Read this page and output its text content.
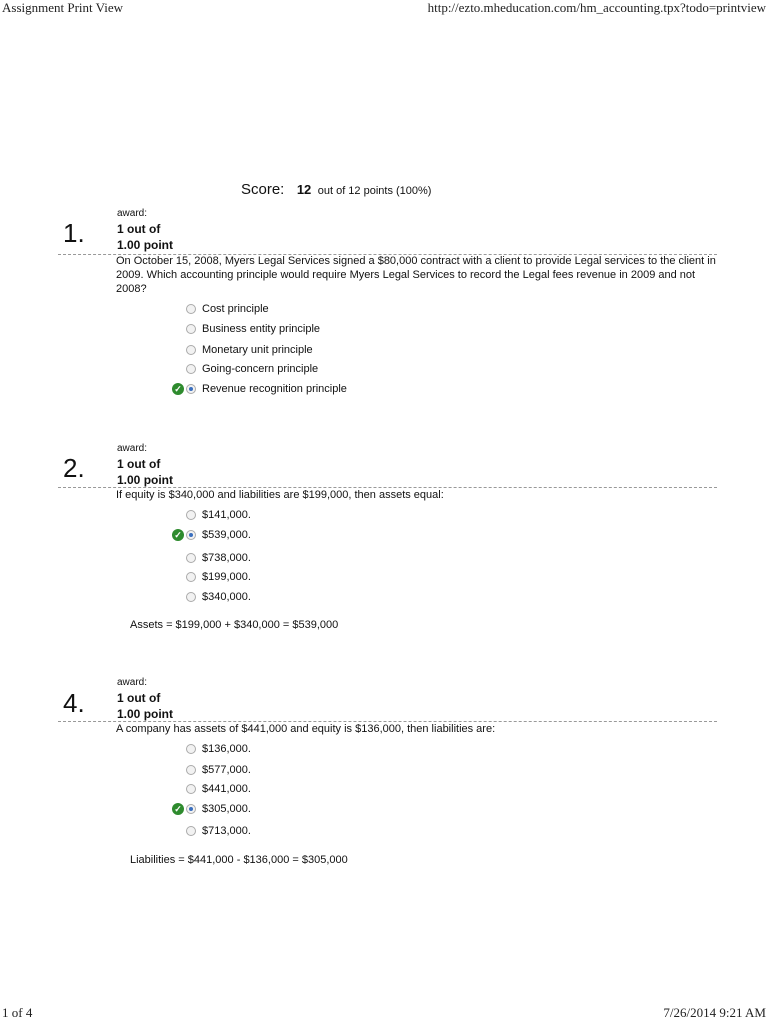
Assignment Print View	http://ezto.mheducation.com/hm_accounting.tpx?todo=printview
Score: 12 out of 12 points (100%)
1.
award:
1 out of
1.00 point
On October 15, 2008, Myers Legal Services signed a $80,000 contract with a client to provide Legal services to the client in 2009. Which accounting principle would require Myers Legal Services to record the Legal fees revenue in 2009 and not 2008?
Cost principle
Business entity principle
Monetary unit principle
Going-concern principle
✓ Revenue recognition principle
2.
award:
1 out of
1.00 point
If equity is $340,000 and liabilities are $199,000, then assets equal:
$141,000.
✓ $539,000.
$738,000.
$199,000.
$340,000.
Assets = $199,000 + $340,000 = $539,000
4.
award:
1 out of
1.00 point
A company has assets of $441,000 and equity is $136,000, then liabilities are:
$136,000.
$577,000.
$441,000.
✓ $305,000.
$713,000.
Liabilities = $441,000 - $136,000 = $305,000
1 of 4	7/26/2014 9:21 AM
